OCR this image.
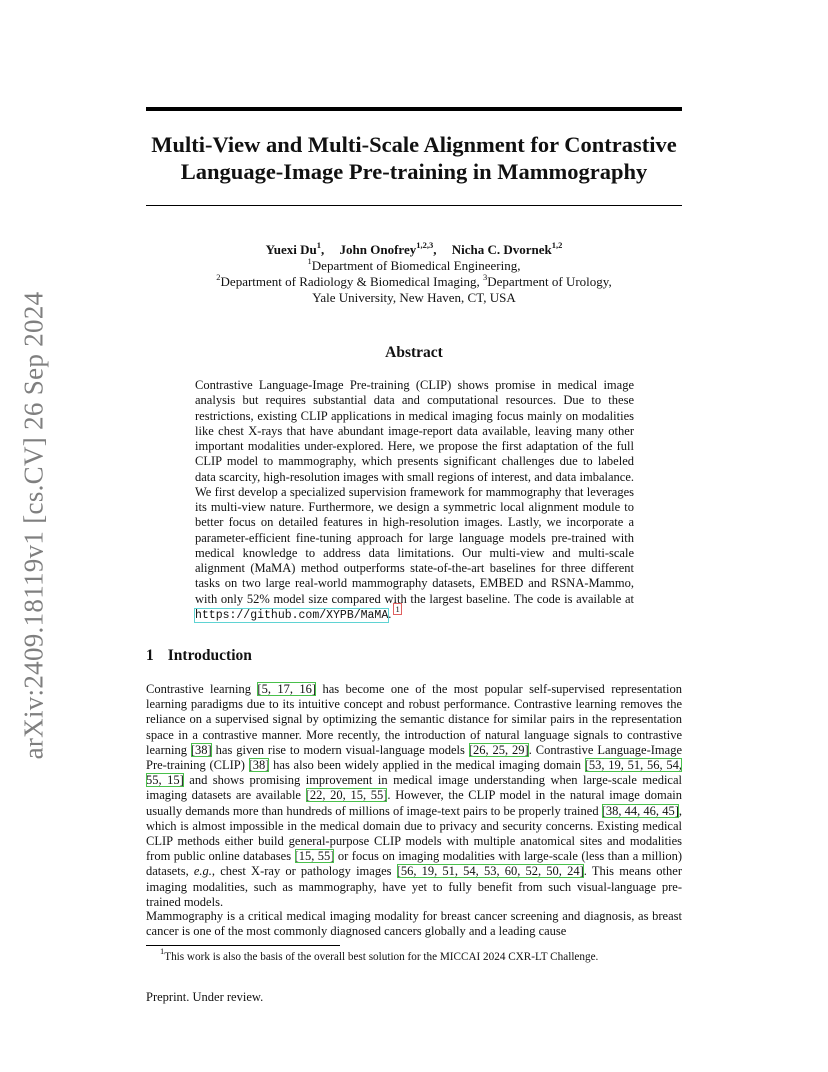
arXiv:2409.18119v1 [cs.CV] 26 Sep 2024
Multi-View and Multi-Scale Alignment for Contrastive
Language-Image Pre-training in Mammography
Yuexi Du$^1$, John Onofrey$^{1,2,3}$, Nicha C. Dvornek$^{1,2}$
$^1$Department of Biomedical Engineering,
$^2$Department of Radiology & Biomedical Imaging, $^3$Department of Urology,
Yale University, New Haven, CT, USA
Abstract
Contrastive Language-Image Pre-training (CLIP) shows promise in medical image analysis but requires substantial data and computational resources. Due to these restrictions, existing CLIP applications in medical imaging focus mainly on modalities like chest X-rays that have abundant image-report data available, leaving many other important modalities under-explored. Here, we propose the first adaptation of the full CLIP model to mammography, which presents significant challenges due to labeled data scarcity, high-resolution images with small regions of interest, and data imbalance. We first develop a specialized supervision framework for mammography that leverages its multi-view nature. Furthermore, we design a symmetric local alignment module to better focus on detailed features in high-resolution images. Lastly, we incorporate a parameter-efficient fine-tuning approach for large language models pre-trained with medical knowledge to address data limitations. Our multi-view and multi-scale alignment (MaMA) method outperforms state-of-the-art baselines for three different tasks on two large real-world mammography datasets, EMBED and RSNA-Mammo, with only 52% model size compared with the largest baseline. The code is available at https://github.com/XYPB/MaMA. $^1$
1 Introduction
Contrastive learning [5, 17, 16] has become one of the most popular self-supervised representation learning paradigms due to its intuitive concept and robust performance. Contrastive learning removes the reliance on a supervised signal by optimizing the semantic distance for similar pairs in the representation space in a contrastive manner. More recently, the introduction of natural language signals to contrastive learning [38] has given rise to modern visual-language models [26, 25, 29]. Contrastive Language-Image Pre-training (CLIP) [38] has also been widely applied in the medical imaging domain [53, 19, 51, 56, 54, 55, 15] and shows promising improvement in medical image understanding when large-scale medical imaging datasets are available [22, 20, 15, 55]. However, the CLIP model in the natural image domain usually demands more than hundreds of millions of image-text pairs to be properly trained [38, 44, 46, 45], which is almost impossible in the medical domain due to privacy and security concerns. Existing medical CLIP methods either build general-purpose CLIP models with multiple anatomical sites and modalities from public online databases [15, 55] or focus on imaging modalities with large-scale (less than a million) datasets, e.g., chest X-ray or pathology images [56, 19, 51, 54, 53, 60, 52, 50, 24]. This means other imaging modalities, such as mammography, have yet to fully benefit from such visual-language pre-trained models.
Mammography is a critical medical imaging modality for breast cancer screening and diagnosis, as breast cancer is one of the most commonly diagnosed cancers globally and a leading cause
$^1$This work is also the basis of the overall best solution for the MICCAI 2024 CXR-LT Challenge.
Preprint. Under review.
